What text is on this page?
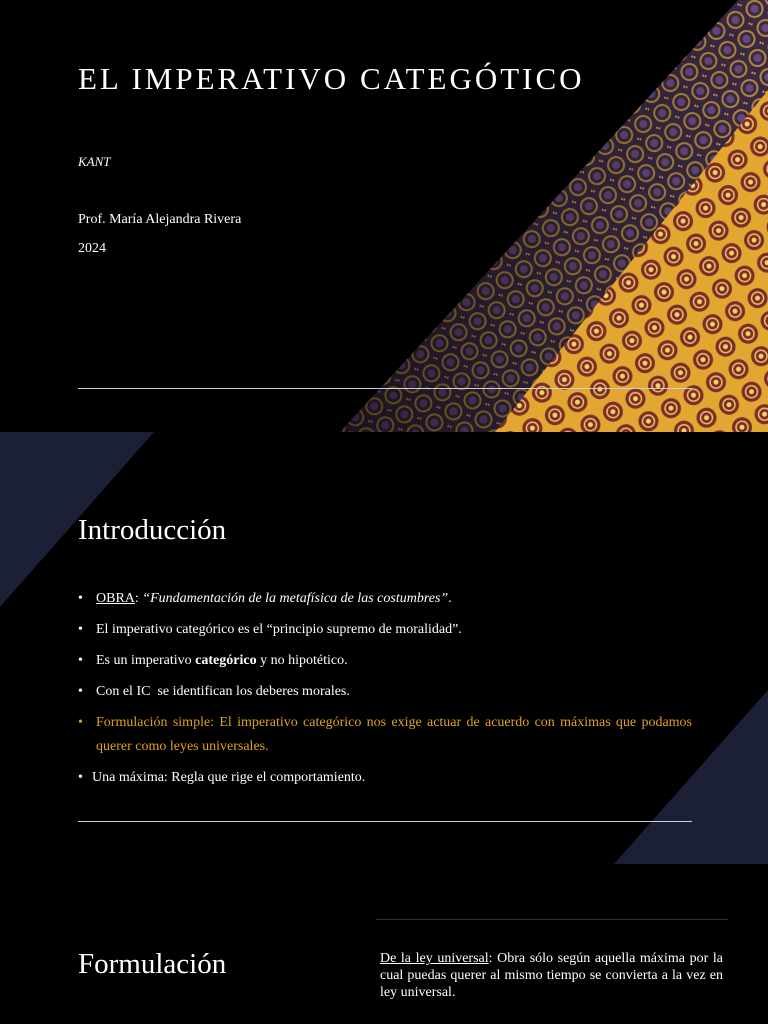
EL IMPERATIVO CATEGÓTICO
KANT
Prof. María Alejandra Rivera
2024
Introducción
• OBRA: “Fundamentación de la metafísica de las costumbres”.
• El imperativo categórico es el “principio supremo de moralidad”.
• Es un imperativo categórico y no hipotético.
• Con el IC  se identifican los deberes morales.
• Formulación simple: El imperativo categórico nos exige actuar de acuerdo con máximas que podamos querer como leyes universales.
• Una máxima: Regla que rige el comportamiento.
Formulación	De la ley universal: Obra sólo según aquella máxima por la cual puedas querer al mismo tiempo se convierta a la vez en ley universal.
